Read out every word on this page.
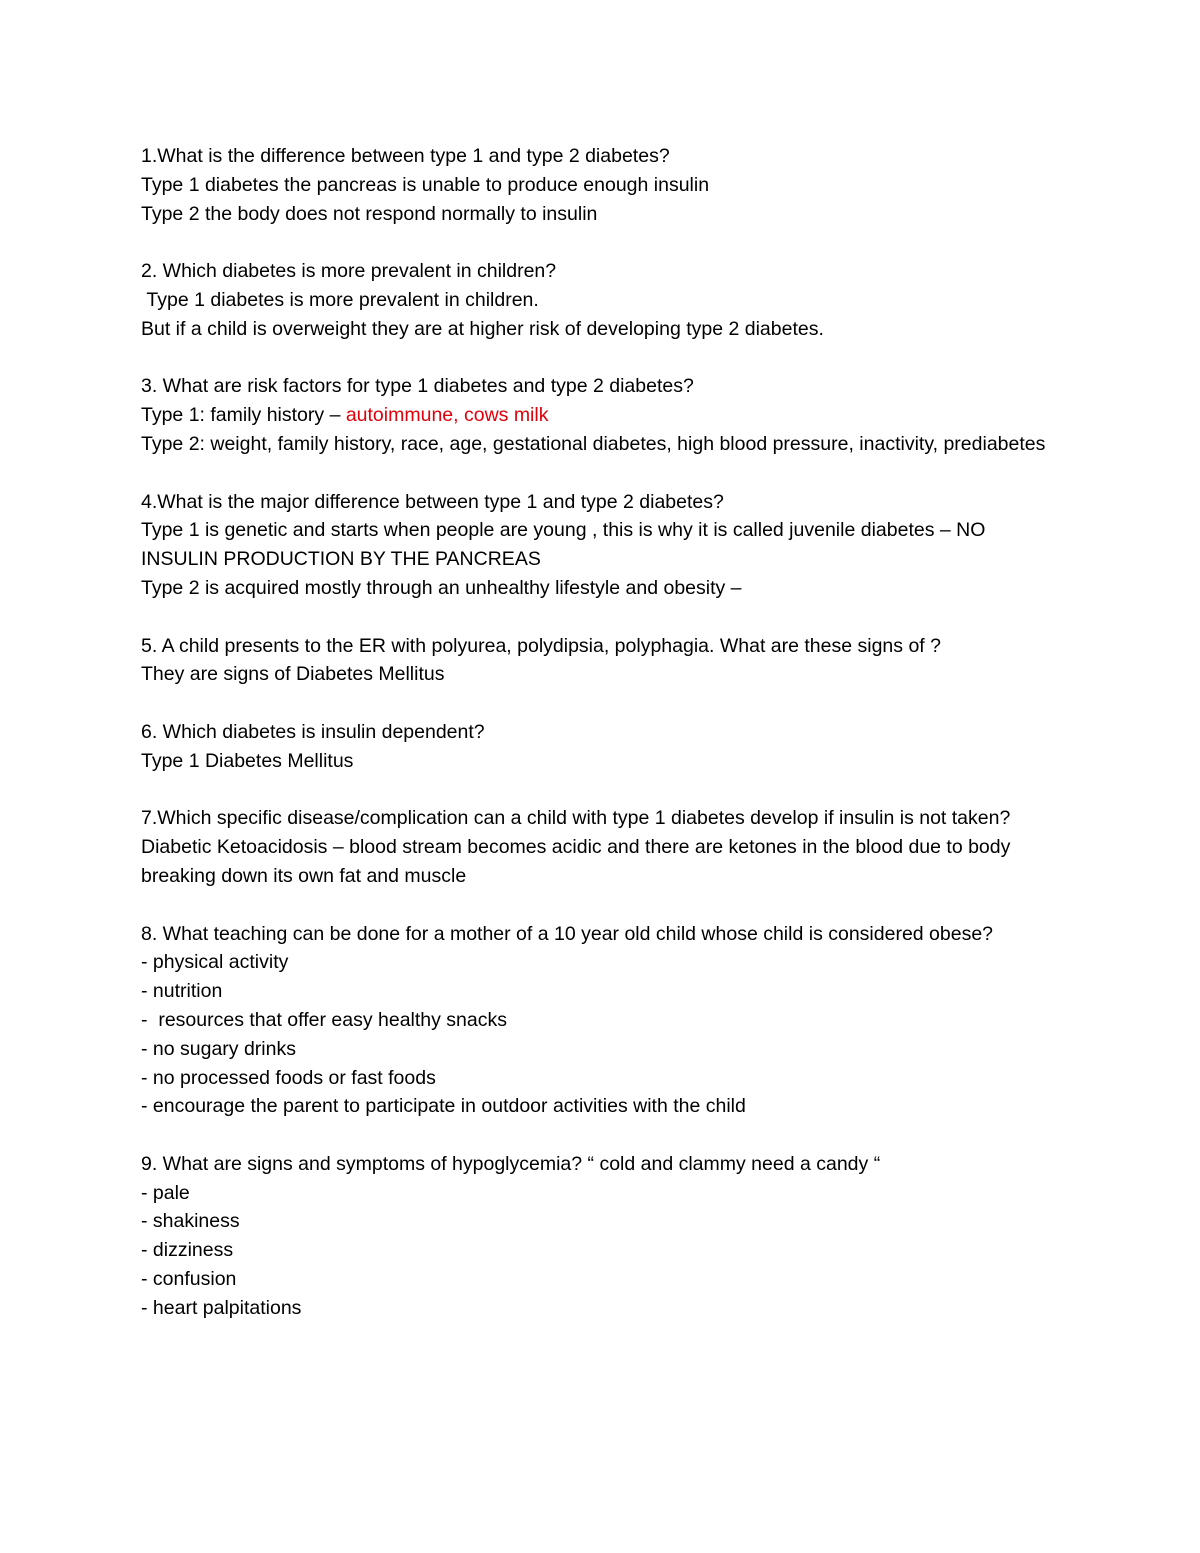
1.What is the difference between type 1 and type 2 diabetes?

Type 1 diabetes the pancreas is unable to produce enough insulin

Type 2 the body does not respond normally to insulin

2. Which diabetes is more prevalent in children?

Type 1 diabetes is more prevalent in children.

But if a child is overweight they are at higher risk of developing type 2 diabetes.

3. What are risk factors for type 1 diabetes and type 2 diabetes?

Type 1: family history – autoimmune, cows milk

Type 2: weight, family history, race, age, gestational diabetes, high blood pressure, inactivity, prediabetes

4.What is the major difference between type 1 and type 2 diabetes?

Type 1 is genetic and starts when people are young , this is why it is called juvenile diabetes – NO INSULIN PRODUCTION BY THE PANCREAS

Type 2 is acquired mostly through an unhealthy lifestyle and obesity –

5. A child presents to the ER with polyurea, polydipsia, polyphagia. What are these signs of ?

They are signs of Diabetes Mellitus

6. Which diabetes is insulin dependent?

Type 1 Diabetes Mellitus

7.Which specific disease/complication can a child with type 1 diabetes develop if insulin is not taken?

Diabetic Ketoacidosis – blood stream becomes acidic and there are ketones in the blood due to body breaking down its own fat and muscle

8. What teaching can be done for a mother of a 10 year old child whose child is considered obese?

- physical activity

- nutrition

-  resources that offer easy healthy snacks

- no sugary drinks

- no processed foods or fast foods

- encourage the parent to participate in outdoor activities with the child

9. What are signs and symptoms of hypoglycemia? “ cold and clammy need a candy “

- pale

- shakiness

- dizziness

- confusion

- heart palpitations
